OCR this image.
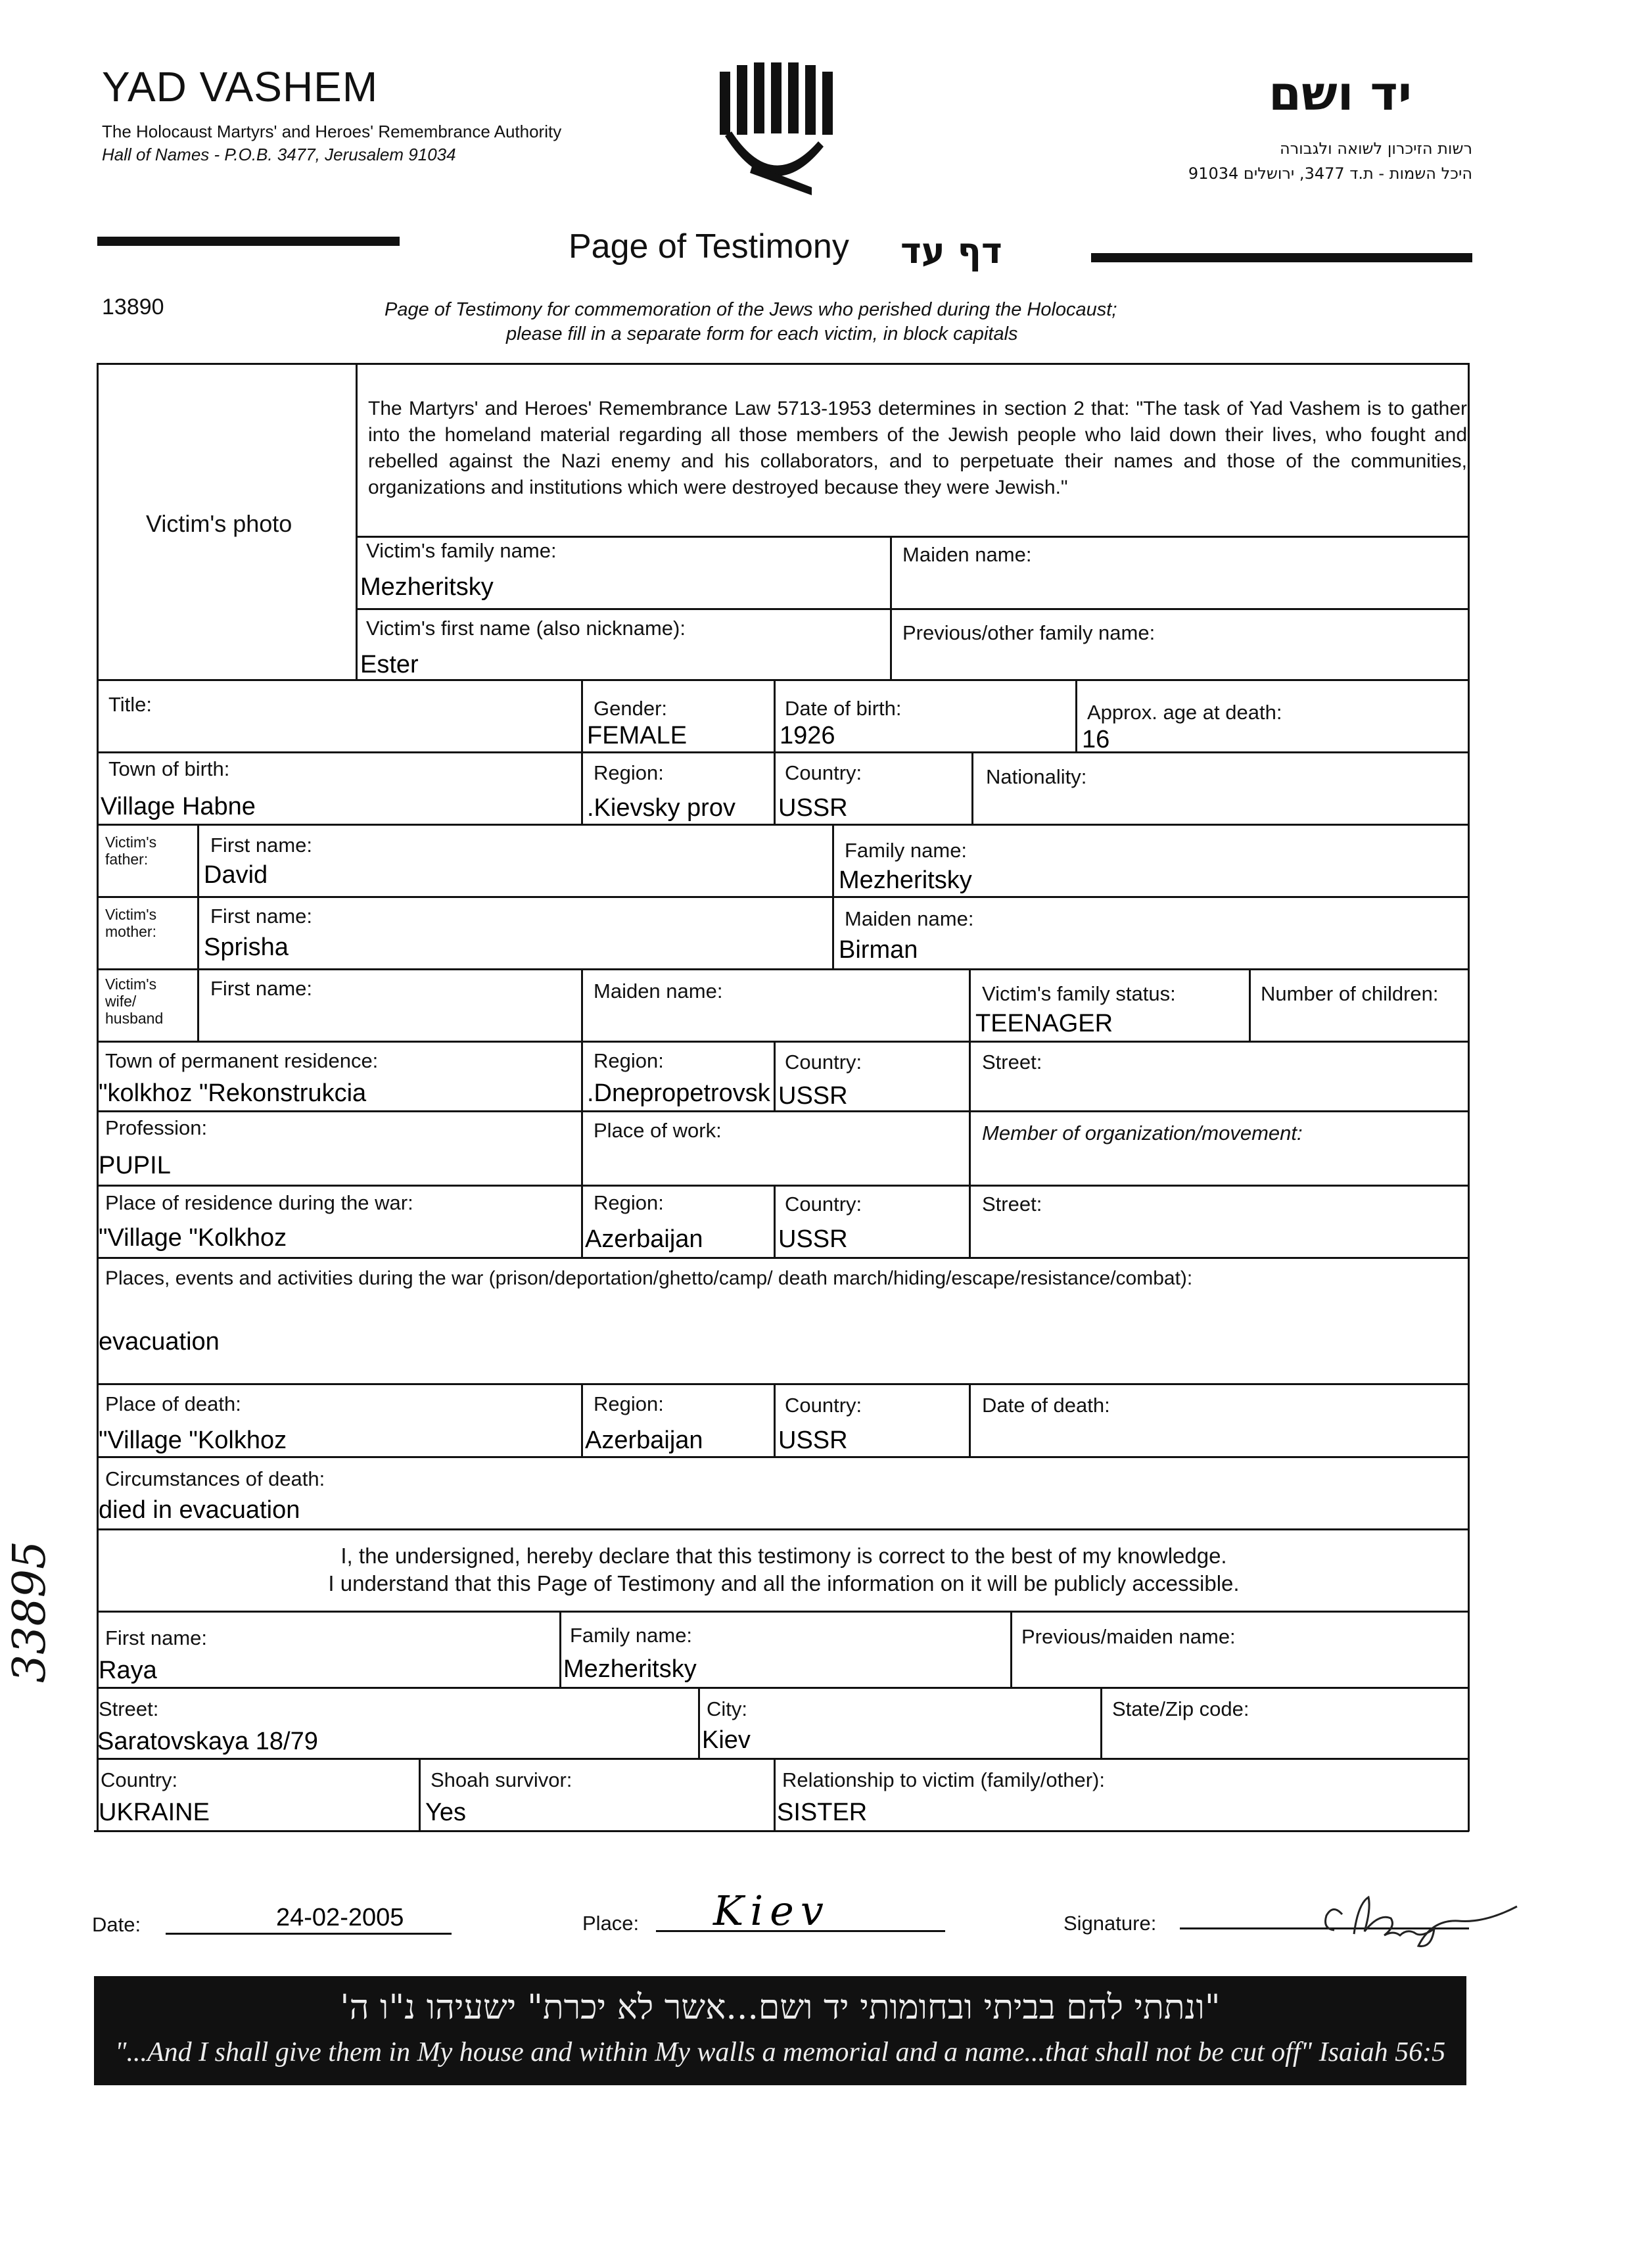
YAD VASHEM
The Holocaust Martyrs' and Heroes' Remembrance Authority
Hall of Names - P.O.B. 3477, Jerusalem 91034
יד ושם
רשות הזיכרון לשואה ולגבורה
היכל השמות - ת.ד 3477, ירושלים 91034
Page of Testimony דף עד
13890	Page of Testimony for commemoration of the Jews who perished during the Holocaust;
please fill in a separate form for each victim, in block capitals
Victim's photo
The Martyrs' and Heroes' Remembrance Law 5713-1953 determines in section 2 that: "The task of Yad Vashem is to gather into the homeland material regarding all those members of the Jewish people who laid down their lives, who fought and rebelled against the Nazi enemy and his collaborators, and to perpetuate their names and those of the communities, organizations and institutions which were destroyed because they were Jewish."
Victim's family name:
Mezheritsky
Maiden name:
Victim's first name (also nickname):
Ester
Previous/other family name:
Title:	Gender:
FEMALE
Date of birth:
1926
Approx. age at death:
16
Town of birth:
Village Habne
Region:
.Kievsky prov
Country:
USSR
Nationality:
Victim's father:
First name:
David
Family name:
Mezheritsky
Victim's mother:
First name:
Sprisha
Maiden name:
Birman
Victim's wife/ husband
First name:	Maiden name:	Victim's family status:
TEENAGER
Number of children:
Town of permanent residence:
"kolkhoz "Rekonstrukcia
Region:
.Dnepropetrovsk
Country:
USSR
Street:
Profession:
PUPIL
Place of work:	Member of organization/movement:
Place of residence during the war:
"Village "Kolkhoz
Region:
Azerbaijan
Country:
USSR
Street:
Places, events and activities during the war (prison/deportation/ghetto/camp/ death march/hiding/escape/resistance/combat):
evacuation
Place of death:
"Village "Kolkhoz
Region:
Azerbaijan
Country:
USSR
Date of death:
Circumstances of death:
died in evacuation
I, the undersigned, hereby declare that this testimony is correct to the best of my knowledge.
I understand that this Page of Testimony and all the information on it will be publicly accessible.
First name:
Raya
Family name:
Mezheritsky
Previous/maiden name:
Street:
Saratovskaya 18/79
City:
Kiev
State/Zip code:
Country:
UKRAINE
Shoah survivor:
Yes
Relationship to victim (family/other):
SISTER
Date:	24-02-2005	Place: Kiev	Signature:
33895
"ונתתי להם בביתי ובחומותי יד ושם...אשר לא יכרת" ישעיהו נ"ו ה'
"...And I shall give them in My house and within My walls a memorial and a name...that shall not be cut off" Isaiah 56:5
